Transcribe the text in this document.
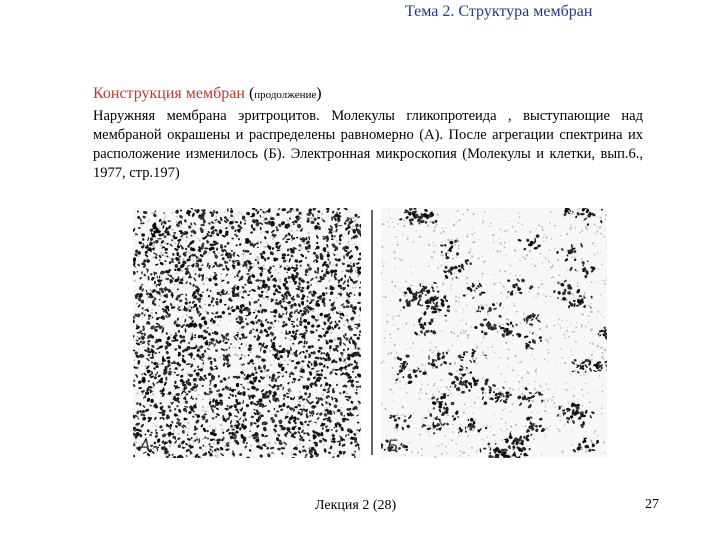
Тема 2. Структура мембран
Конструкция мембран (продолжение)
Наружняя мембрана эритроцитов. Молекулы гликопротеида , выступающие над мембраной окрашены и распределены равномерно (А). После агрегации спектрина их расположение изменилось (Б). Электронная микроскопия (Молекулы и клетки, вып.6., 1977, стр.197)
А	Б
Лекция 2 (28)	27
